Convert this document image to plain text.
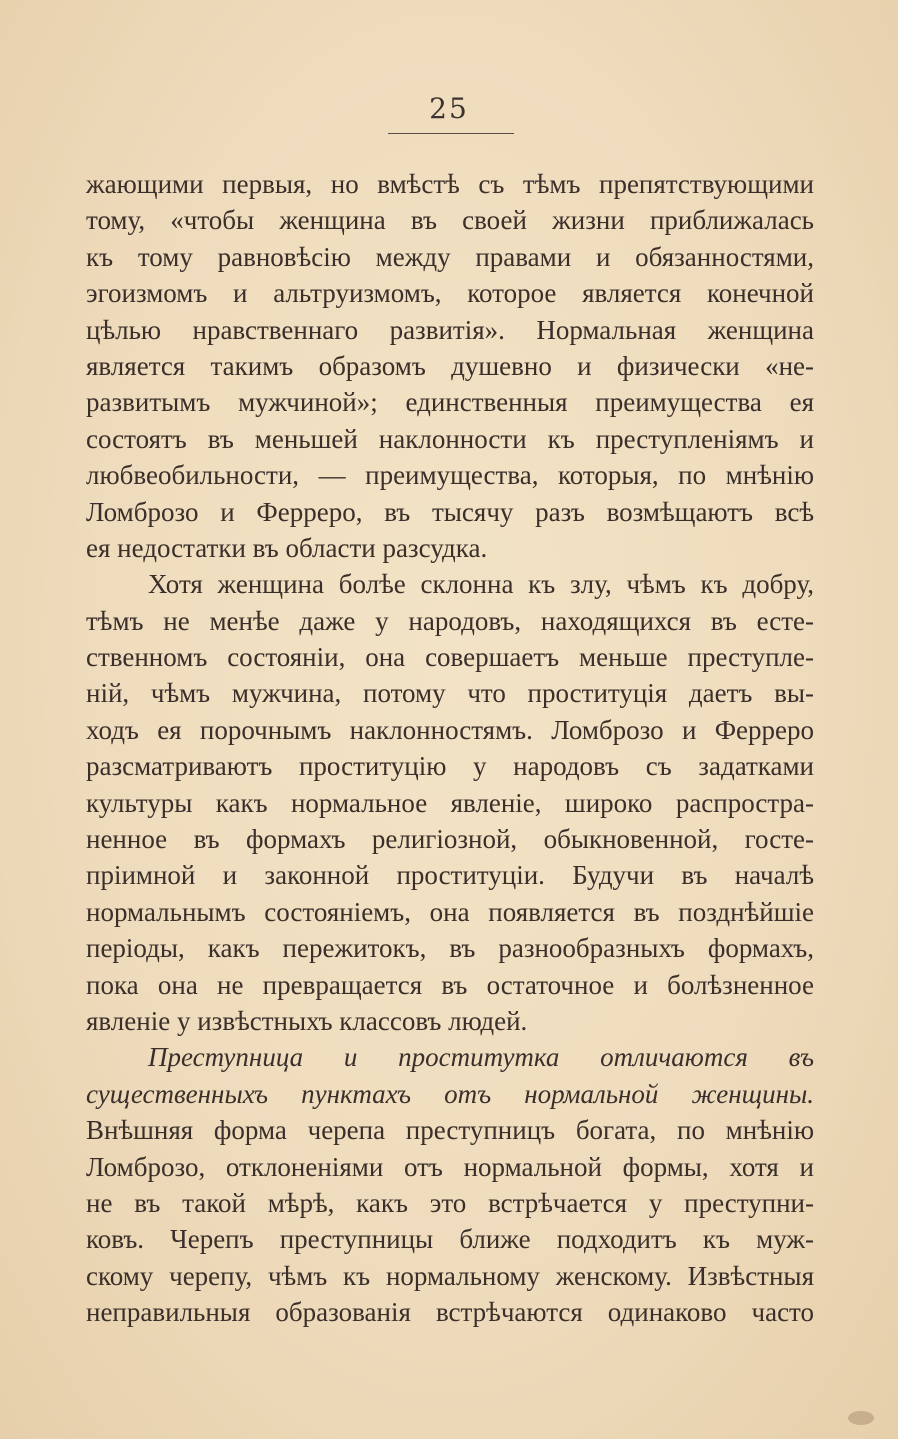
25
жающими первыя, но вмѣстѣ съ тѣмъ препятствующими
тому, «чтобы женщина въ своей жизни приближалась
къ тому равновѣсію между правами и обязанностями,
эгоизмомъ и альтруизмомъ, которое является конечной
цѣлью нравственнаго развитія». Нормальная женщина
является такимъ образомъ душевно и физически «не-
развитымъ мужчиной»; единственныя преимущества ея
состоятъ въ меньшей наклонности къ преступленіямъ и
любвеобильности, — преимущества, которыя, по мнѣнію
Ломброзо и Ферреро, въ тысячу разъ возмѣщаютъ всѣ
ея недостатки въ области разсудка.
Хотя женщина болѣе склонна къ злу, чѣмъ къ добру,
тѣмъ не менѣе даже у народовъ, находящихся въ есте-
ственномъ состояніи, она совершаетъ меньше преступле-
ній, чѣмъ мужчина, потому что проституція даетъ вы-
ходъ ея порочнымъ наклонностямъ. Ломброзо и Ферреро
разсматриваютъ проституцію у народовъ съ задатками
культуры какъ нормальное явленіе, широко распростра-
ненное въ формахъ религіозной, обыкновенной, госте-
пріимной и законной проституціи. Будучи въ началѣ
нормальнымъ состояніемъ, она появляется въ позднѣйшіе
періоды, какъ пережитокъ, въ разнообразныхъ формахъ,
пока она не превращается въ остаточное и болѣзненное
явленіе у извѣстныхъ классовъ людей.
Преступница и проститутка отличаются въ
существенныхъ пунктахъ отъ нормальной женщины.
Внѣшняя форма черепа преступницъ богата, по мнѣнію
Ломброзо, отклоненіями отъ нормальной формы, хотя и
не въ такой мѣрѣ, какъ это встрѣчается у преступни-
ковъ. Черепъ преступницы ближе подходитъ къ муж-
скому черепу, чѣмъ къ нормальному женскому. Извѣстныя
неправильныя образованія встрѣчаются одинаково часто
